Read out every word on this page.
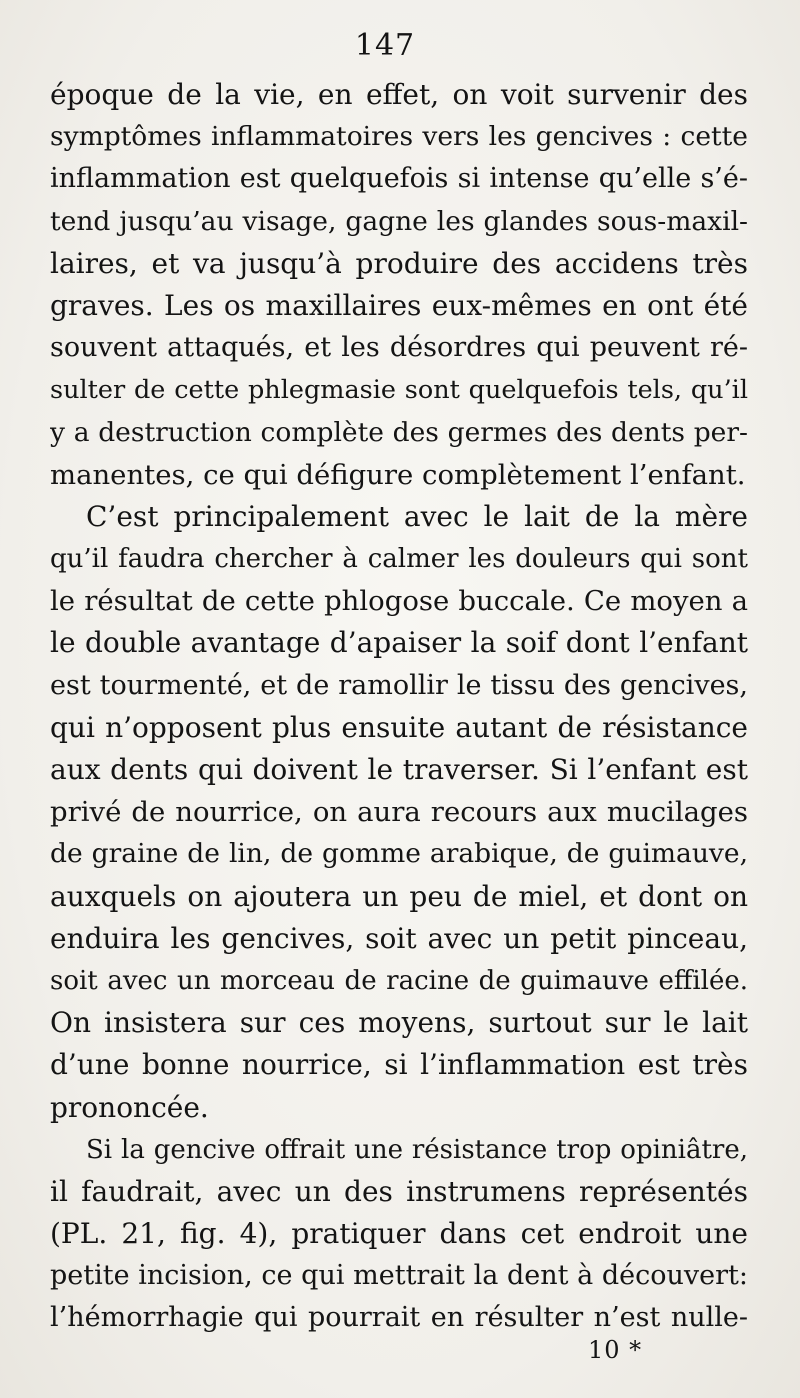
147
époque de la vie, en effet, on voit survenir des
symptômes inflammatoires vers les gencives : cette
inflammation est quelquefois si intense qu’elle s’é-
tend jusqu’au visage, gagne les glandes sous-maxil-
laires, et va jusqu’à produire des accidens très
graves. Les os maxillaires eux-mêmes en ont été
souvent attaqués, et les désordres qui peuvent ré-
sulter de cette phlegmasie sont quelquefois tels, qu’il
y a destruction complète des germes des dents per-
manentes, ce qui défigure complètement l’enfant.
C’est principalement avec le lait de la mère
qu’il faudra chercher à calmer les douleurs qui sont
le résultat de cette phlogose buccale. Ce moyen a
le double avantage d’apaiser la soif dont l’enfant
est tourmenté, et de ramollir le tissu des gencives,
qui n’opposent plus ensuite autant de résistance
aux dents qui doivent le traverser. Si l’enfant est
privé de nourrice, on aura recours aux mucilages
de graine de lin, de gomme arabique, de guimauve,
auxquels on ajoutera un peu de miel, et dont on
enduira les gencives, soit avec un petit pinceau,
soit avec un morceau de racine de guimauve effilée.
On insistera sur ces moyens, surtout sur le lait
d’une bonne nourrice, si l’inflammation est très
prononcée.
Si la gencive offrait une résistance trop opiniâtre,
il faudrait, avec un des instrumens représentés
(PL. 21, fig. 4), pratiquer dans cet endroit une
petite incision, ce qui mettrait la dent à découvert:
l’hémorrhagie qui pourrait en résulter n’est nulle-
10 *
